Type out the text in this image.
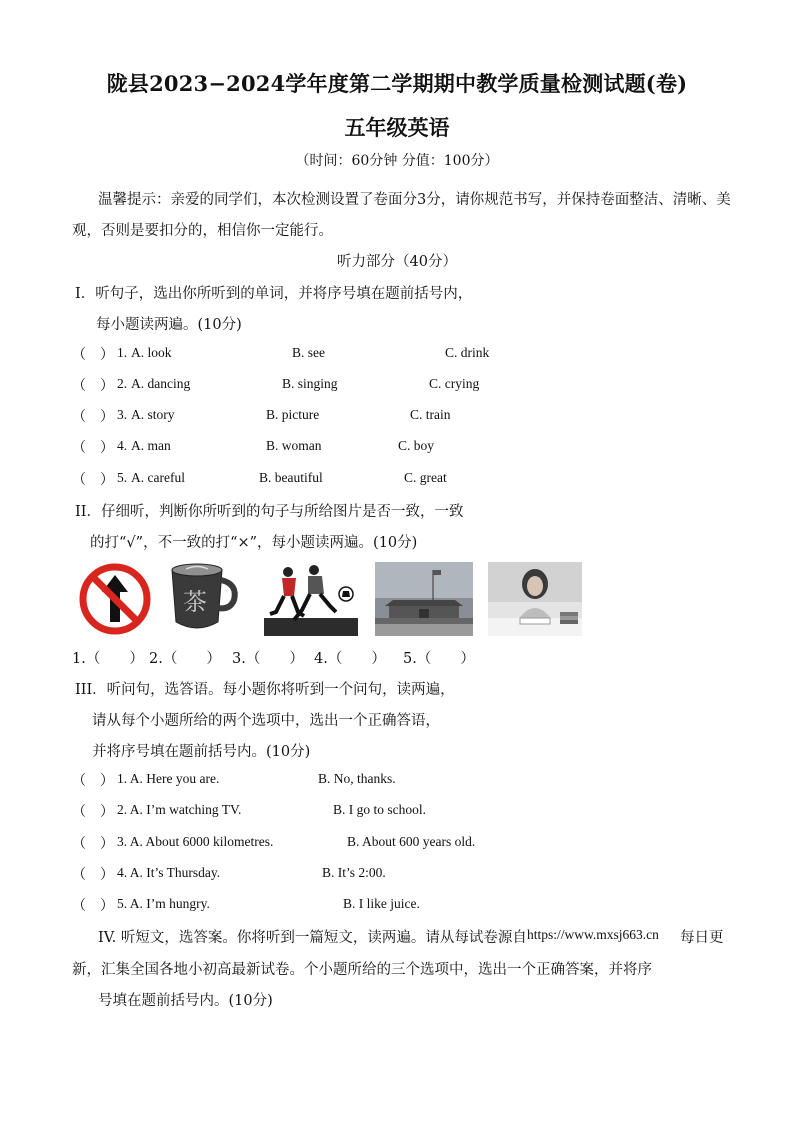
陇县2023−2024学年度第二学期期中教学质量检测试题(卷)
五年级英语
（时间：60分钟 分值：100分）
温馨提示：亲爱的同学们，本次检测设置了卷面分3分，请你规范书写，并保持卷面整洁、清晰、美
观，否则是要扣分的，相信你一定能行。
听力部分（40分）
I．听句子，选出你所听到的单词，并将序号填在题前括号内，
每小题读两遍。(10分)
（　） 1. A. look	B. see	C. drink
（　） 2. A. dancing	B. singing	C. crying
（　） 3. A. story	B. picture	C. train
（　） 4. A. man	B. woman	C. boy
（　） 5. A. careful	B. beautiful	C. great
II．仔细听，判断你所听到的句子与所给图片是否一致，一致
的打“√”，不一致的打“×”，每小题读两遍。(10分)
茶
1.（　　） 2.（　　） 3.（　　） 4.（　　） 5.（　　）
III．听问句，选答语。每小题你将听到一个问句，读两遍，
请从每个小题所给的两个选项中，选出一个正确答语，
并将序号填在题前括号内。(10分)
（　） 1. A. Here you are.	B. No, thanks.
（　） 2. A. I’m watching TV.	B. I go to school.
（　） 3. A. About 6000 kilometres.	B. About 600 years old.
（　） 4. A. It’s Thursday.	B. It’s 2:00.
（　） 5. A. I’m hungry.	B. I like juice.
IV. 听短文，选答案。你将听到一篇短文，读两遍。请从每试卷源自 https://www.mxsj663.cn 每日更
新，汇集全国各地小初高最新试卷。个小题所给的三个选项中，选出一个正确答案，并将序
号填在题前括号内。(10分)
